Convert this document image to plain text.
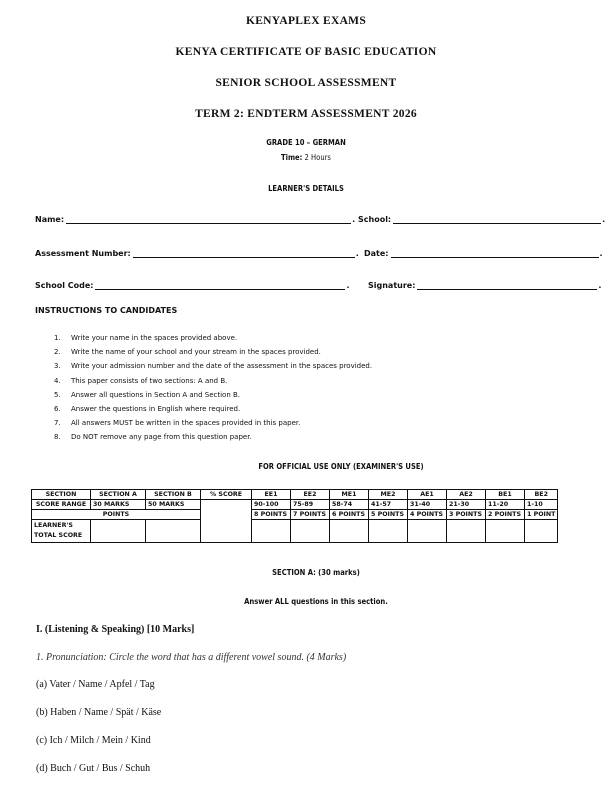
KENYAPLEX EXAMS
KENYA CERTIFICATE OF BASIC EDUCATION
SENIOR SCHOOL ASSESSMENT
TERM 2: ENDTERM ASSESSMENT 2026
GRADE 10 – GERMAN
Time: 2 Hours
LEARNER'S DETAILS
Name:	. School:	.
Assessment Number:	. Date:	.
School Code:	. Signature:	.
INSTRUCTIONS TO CANDIDATES
1.	Write your name in the spaces provided above.
2.	Write the name of your school and your stream in the spaces provided.
3.	Write your admission number and the date of the assessment in the spaces provided.
4.	This paper consists of two sections: A and B.
5.	Answer all questions in Section A and Section B.
6.	Answer the questions in English where required.
7.	All answers MUST be written in the spaces provided in this paper.
8.	Do NOT remove any page from this question paper.
FOR OFFICIAL USE ONLY (EXAMINER'S USE)
SECTION	SECTION A	SECTION B	% SCORE	EE1	EE2	ME1	ME2	AE1	AE2	BE1	BE2
SCORE RANGE	30 MARKS	50 MARKS		90-100	75-89	58-74	41-57	31-40	21-30	11-20	1-10
POINTS				8 POINTS	7 POINTS	6 POINTS	5 POINTS	4 POINTS	3 POINTS	2 POINTS	1 POINT
LEARNER'S
TOTAL SCORE											
SECTION A: (30 marks)
Answer ALL questions in this section.
I. (Listening & Speaking) [10 Marks]
1. Pronunciation: Circle the word that has a different vowel sound. (4 Marks)
(a) Vater / Name / Apfel / Tag
(b) Haben / Name / Spät / Käse
(c) Ich / Milch / Mein / Kind
(d) Buch / Gut / Bus / Schuh
